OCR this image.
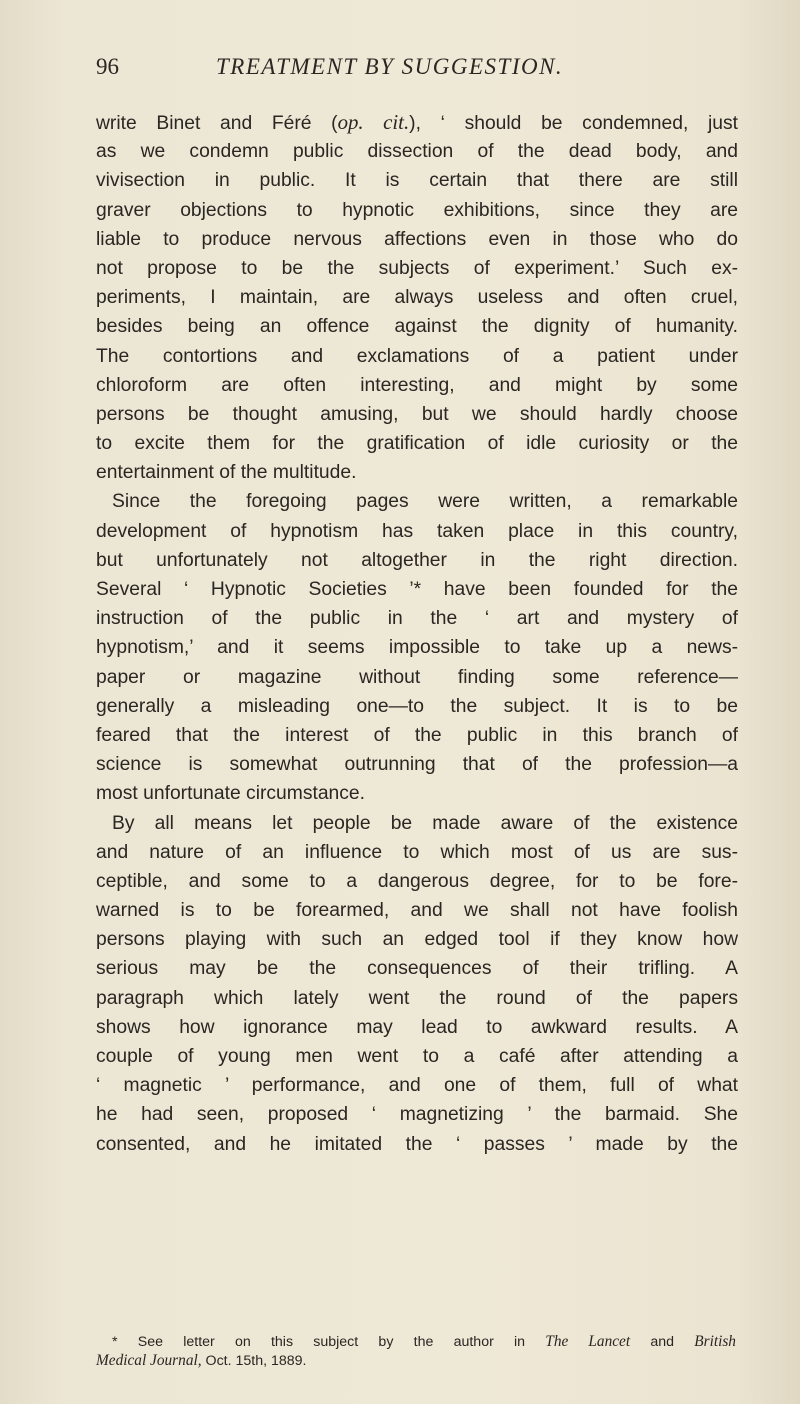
96	TREATMENT BY SUGGESTION.
write Binet and Féré (op. cit.), ‘ should be condemned, just
as we condemn public dissection of the dead body, and
vivisection in public. It is certain that there are still
graver objections to hypnotic exhibitions, since they are
liable to produce nervous affections even in those who do
not propose to be the subjects of experiment.’ Such ex-
periments, I maintain, are always useless and often cruel,
besides being an offence against the dignity of humanity.
The contortions and exclamations of a patient under
chloroform are often interesting, and might by some
persons be thought amusing, but we should hardly choose
to excite them for the gratification of idle curiosity or the
entertainment of the multitude.
Since the foregoing pages were written, a remarkable
development of hypnotism has taken place in this country,
but unfortunately not altogether in the right direction.
Several ‘ Hypnotic Societies ’* have been founded for the
instruction of the public in the ‘ art and mystery of
hypnotism,’ and it seems impossible to take up a news-
paper or magazine without finding some reference—
generally a misleading one—to the subject. It is to be
feared that the interest of the public in this branch of
science is somewhat outrunning that of the profession—a
most unfortunate circumstance.
By all means let people be made aware of the existence
and nature of an influence to which most of us are sus-
ceptible, and some to a dangerous degree, for to be fore-
warned is to be forearmed, and we shall not have foolish
persons playing with such an edged tool if they know how
serious may be the consequences of their trifling. A
paragraph which lately went the round of the papers
shows how ignorance may lead to awkward results. A
couple of young men went to a café after attending a
‘ magnetic ’ performance, and one of them, full of what
he had seen, proposed ‘ magnetizing ’ the barmaid. She
consented, and he imitated the ‘ passes ’ made by the
* See letter on this subject by the author in The Lancet and British
Medical Journal, Oct. 15th, 1889.
